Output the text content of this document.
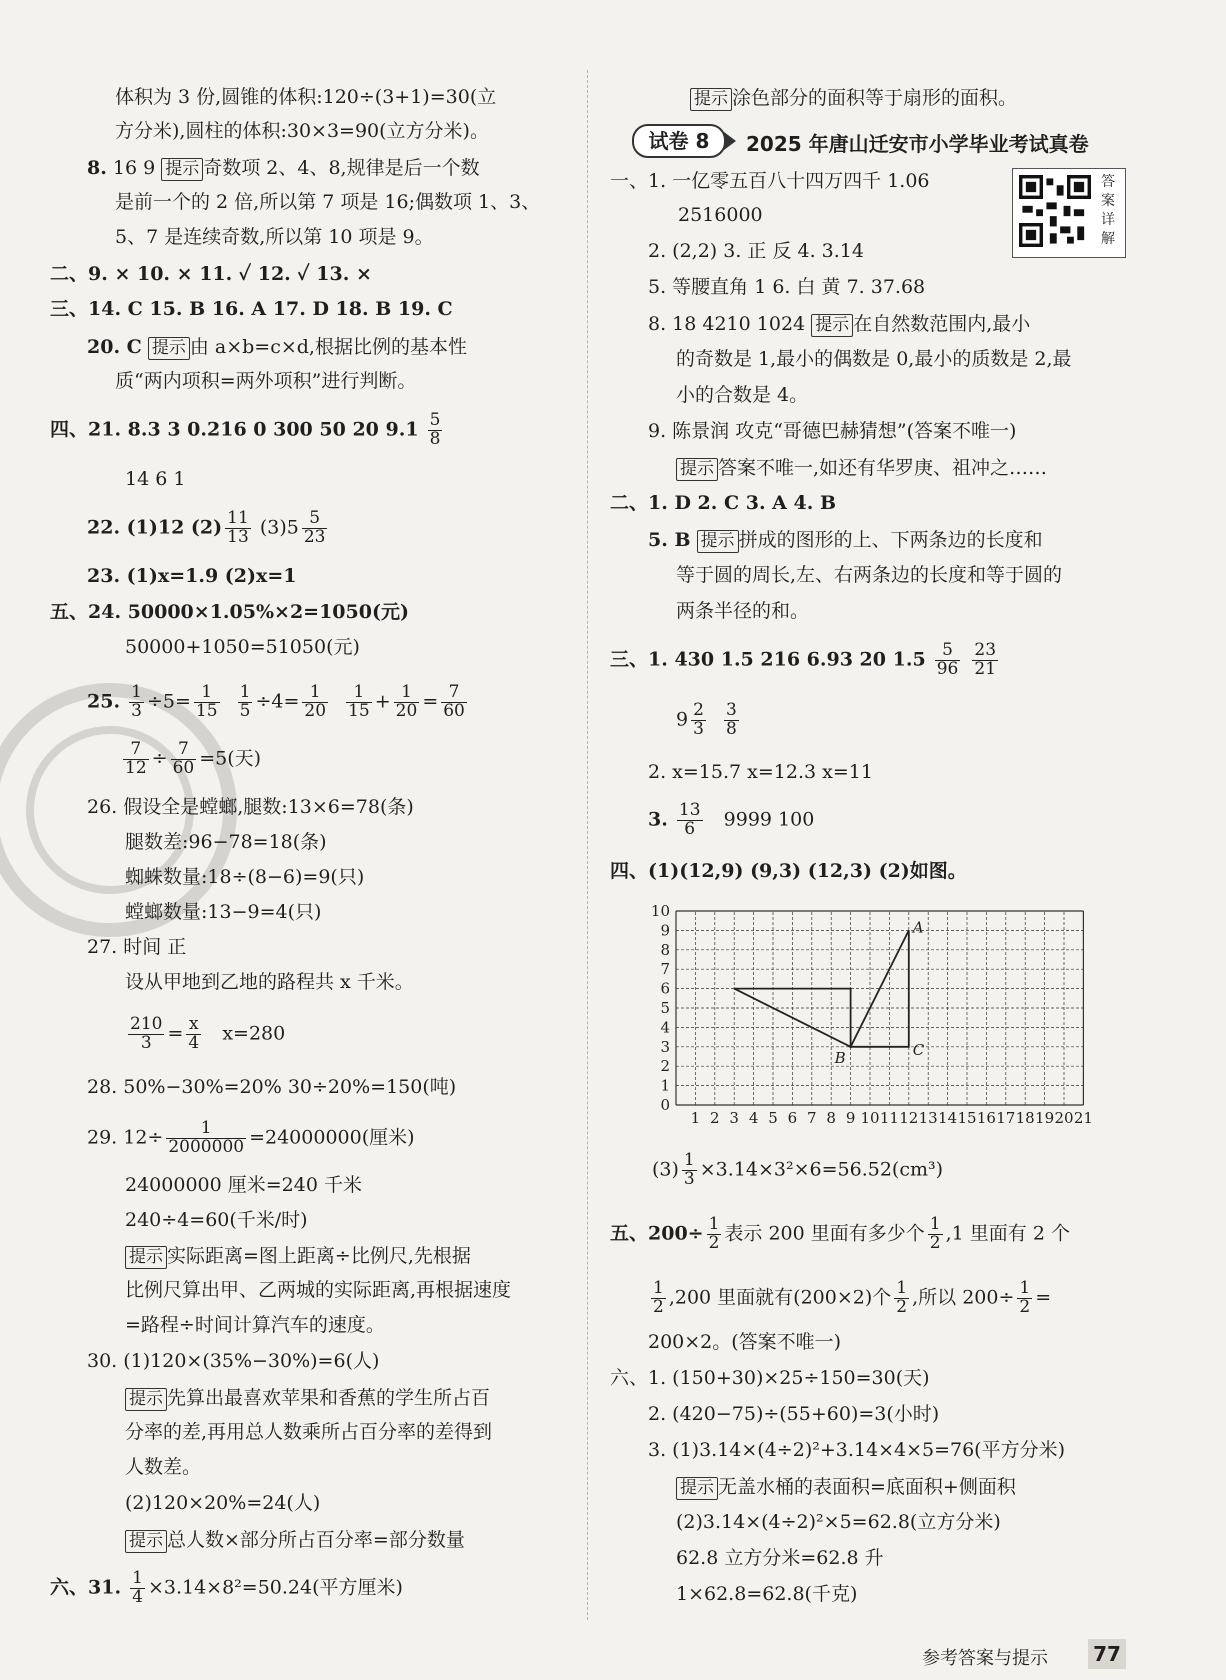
体积为 3 份,圆锥的体积:120÷(3+1)=30(立
方分米),圆柱的体积:30×3=90(立方分米)。
8. 16 9 提示 奇数项 2、4、8,规律是后一个数
是前一个的 2 倍,所以第 7 项是 16;偶数项 1、3、
5、7 是连续奇数,所以第 10 项是 9。
二、9. × 10. × 11. ✓ 12. ✓ 13. ×
三、14. C 15. B 16. A 17. D 18. B 19. C
20. C 提示 由 a×b=c×d,根据比例的基本性
质“两内项积=两外项积”进行判断。
四、21. 8.3 3 0.216 0 300 50 20 $9.1 \frac{5}{8}$
14 6 1
22. (1)12 $(2) \frac{11}{13} (3)5 \frac{5}{23}$
23. (1)x=1.9 (2)x=1
五、24. 50000×1.05%×2=1050(元)
50000+1050=51050(元)
25. $\frac{1}{3} \div 5= \frac{1}{15}$
$\frac{1}{5} \div 4= \frac{1}{20}$
$\frac{1}{15} + \frac{1}{20} = \frac{7}{60}$
$\frac{7}{12} \div \frac{7}{60} =5$(天)
26. 假设全是螳螂,腿数:13×6=78(条)
腿数差:96−78=18(条)
蜘蛛数量:18÷(8−6)=9(只)
螳螂数量:13−9=4(只)
27. 时间 正
设从甲地到乙地的路程共 x 千米。
$\frac{210}{3} = \frac{x}{4} x=280$
28. 50%−30%=20% 30÷20%=150(吨)
29. $12\div \frac{1}{2000000} =24000000$(厘米)
24000000 厘米=240 千米
240÷4=60(千米/时)
提示 实际距离=图上距离÷比例尺,先根据
比例尺算出甲、乙两城的实际距离,再根据速度
=路程÷时间计算汽车的速度。
30. (1)120×(35%−30%)=6(人)
提示 先算出最喜欢苹果和香蕉的学生所占百
分率的差,再用总人数乘所占百分率的差得到
人数差。
(2)120×20%=24(人)
提示 总人数×部分所占百分率=部分数量
六、31. $\frac{1}{4} \times 3.14\times 8^2=50.24$(平方厘米)
提示 涂色部分的面积等于扇形的面积。
试卷 8	2025 年唐山迁安市小学毕业考试真卷
答案详解
一、1. 一亿零五百八十四万四千 1.06
2516000
2. (2,2) 3. 正 反 4. 3.14
5. 等腰直角 1 6. 白 黄 7. 37.68
8. 18 4210 1024 提示 在自然数范围内,最小
的奇数是 1,最小的偶数是 0,最小的质数是 2,最
小的合数是 4。
9. 陈景润 攻克“哥德巴赫猜想”(答案不唯一)
提示 答案不唯一,如还有华罗庚、祖冲之……
二、1. D 2. C 3. A 4. B
5. B 提示 拼成的图形的上、下两条边的长度和
等于圆的周长,左、右两条边的长度和等于圆的
两条半径的和。
三、1. 430 1.5 216 6.93 20 $1.5 \frac{5}{96}$
$\frac{23}{21}$
$9 \frac{2}{3}$
$\frac{3}{8}$
2. x=15.7 x=12.3 x=11
3. $\frac{13}{6} 9999$ 100
四、(1)(12,9) (9,3) (12,3) (2)如图。
1 2 3 4 5 6 7 8 9 10 11 12 13 14 15 16 17 18 19 20 21
0
1
2
3
4
5
6
7
8
9
10
A
B	C
$(3) \frac{1}{3} \times 3.14\times 3^2\times 6=56.52(cm^3)$
五、$200\div \frac{1}{2}$ 表示 200 里面有多少个 $\frac{1}{2} ,1$ 里面有 2 个
$\frac{1}{2} ,200$ 里面就有(200×2)个 $\frac{1}{2}$ ,所以 $200\div \frac{1}{2}$ =
200×2。(答案不唯一)
六、1. (150+30)×25÷150=30(天)
2. (420−75)÷(55+60)=3(小时)
3. (1)3.14×(4÷2)²+3.14×4×5=76(平方分米)
提示 无盖水桶的表面积=底面积+侧面积
(2)3.14×(4÷2)²×5=62.8(立方分米)
62.8 立方分米=62.8 升
1×62.8=62.8(千克)
参考答案与提示 77
